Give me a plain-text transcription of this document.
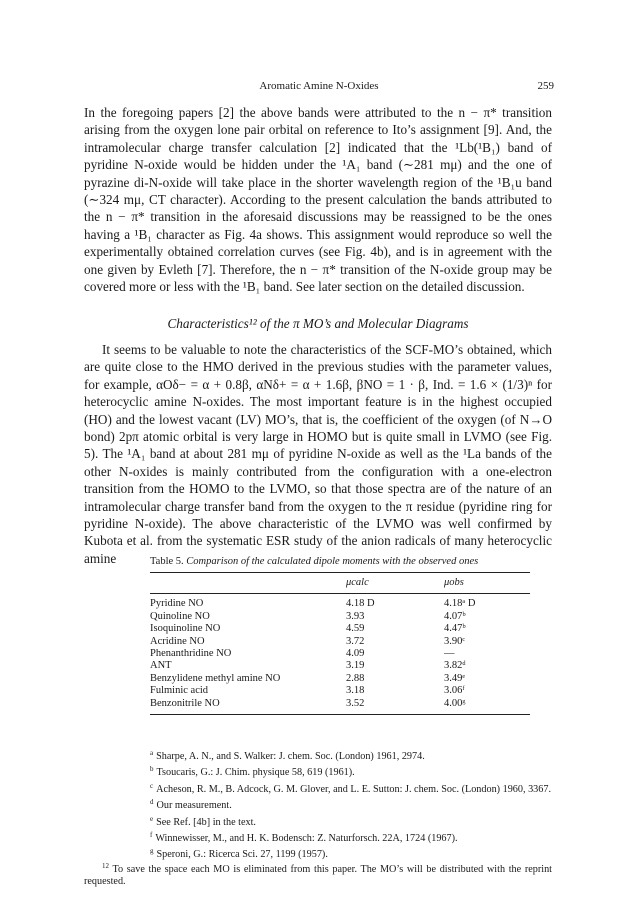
Aromatic Amine N-Oxides	259

In the foregoing papers [2] the above bands were attributed to the n − π* transition arising from the oxygen lone pair orbital on reference to Ito’s assignment [9]. And, the intramolecular charge transfer calculation [2] indicated that the ¹Lb(¹B₁) band of pyridine N-oxide would be hidden under the ¹A₁ band (∼281 mμ) and the one of pyrazine di-N-oxide will take place in the shorter wavelength region of the ¹B₁u band (∼324 mμ, CT character). According to the present calculation the bands attributed to the n − π* transition in the aforesaid discussions may be reassigned to be the ones having a ¹B₁ character as Fig. 4a shows. This assignment would reproduce so well the experimentally obtained correlation curves (see Fig. 4b), and is in agreement with the one given by Evleth [7]. Therefore, the n − π* transition of the N-oxide group may be covered more or less with the ¹B₁ band. See later section on the detailed discussion.

Characteristics¹² of the π MO’s and Molecular Diagrams

It seems to be valuable to note the characteristics of the SCF-MO’s obtained, which are quite close to the HMO derived in the previous studies with the parameter values, for example, αOδ− = α + 0.8β, αNδ+ = α + 1.6β, βNO = 1 · β, Ind. = 1.6 × (1/3)ⁿ for heterocyclic amine N-oxides. The most important feature is in the highest occupied (HO) and the lowest vacant (LV) MO’s, that is, the coefficient of the oxygen (of N→O bond) 2pπ atomic orbital is very large in HOMO but is quite small in LVMO (see Fig. 5). The ¹A₁ band at about 281 mμ of pyridine N-oxide as well as the ¹La bands of the other N-oxides is mainly contributed from the configuration with a one-electron transition from the HOMO to the LVMO, so that those spectra are of the nature of an intramolecular charge transfer band from the oxygen to the π residue (pyridine ring for pyridine N-oxide). The above characteristic of the LVMO was well confirmed by Kubota et al. from the systematic ESR study of the anion radicals of many heterocyclic amine	Table 5. Comparison of the calculated dipole moments with the observed ones
	μcalc	μobs
Pyridine NO	4.18 D	4.18ᵃ D
Quinoline NO	3.93	4.07ᵇ
Isoquinoline NO	4.59	4.47ᵇ
Acridine NO	3.72	3.90ᶜ
Phenanthridine NO	4.09	—
ANT	3.19	3.82ᵈ
Benzylidene methyl amine NO	2.88	3.49ᵉ
Fulminic acid	3.18	3.06ᶠ
Benzonitrile NO	3.52	4.00ᵍ
$^a$ Sharpe, A. N., and S. Walker: J. chem. Soc. (London) 1961, 2974.
$^b$ Tsoucaris, G.: J. Chim. physique 58, 619 (1961).
$^c$ Acheson, R. M., B. Adcock, G. M. Glover, and L. E. Sutton: J. chem. Soc. (London) 1960, 3367.
$^d$ Our measurement.
$^e$ See Ref. [4b] in the text.
$^f$ Winnewisser, M., and H. K. Bodensch: Z. Naturforsch. 22A, 1724 (1967).
$^g$ Speroni, G.: Ricerca Sci. 27, 1199 (1957).
$^{12}$ To save the space each MO is eliminated from this paper. The MO’s will be distributed with the reprint requested.
